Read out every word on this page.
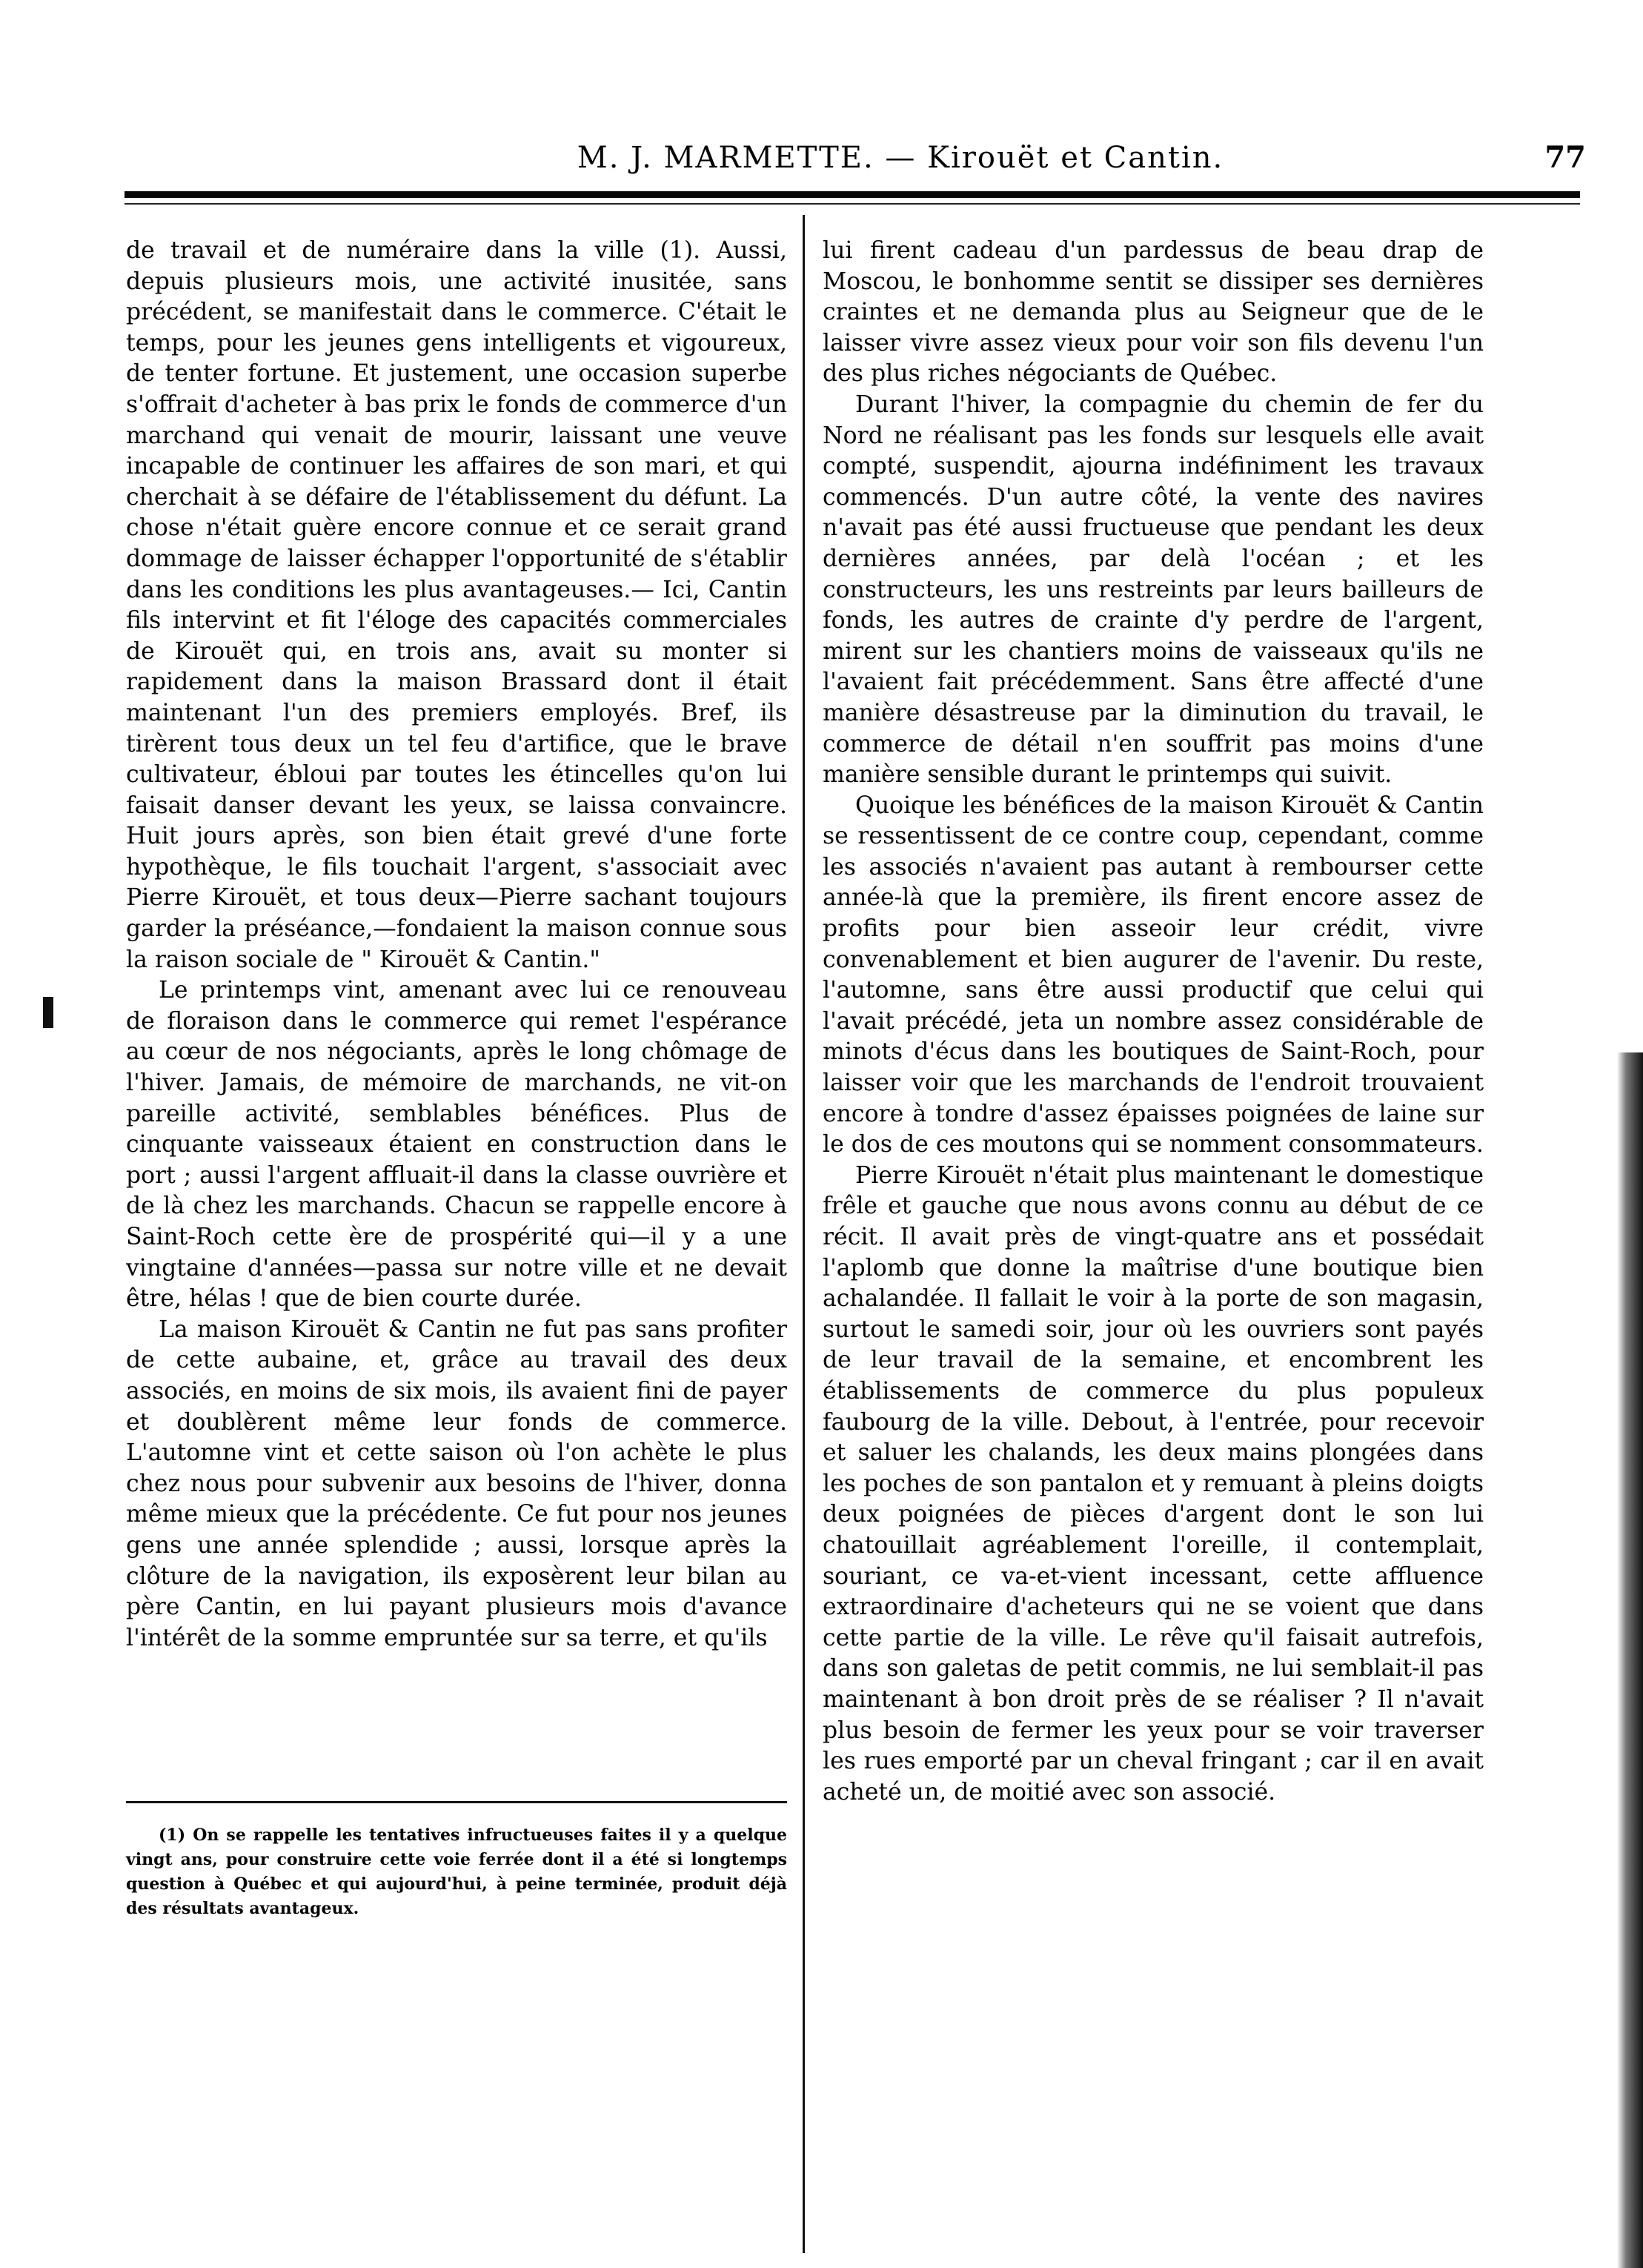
M. J. MARMETTE. — Kirouët et Cantin.	77

de travail et de numéraire dans la ville (1). Aussi, depuis plusieurs mois, une activité inusitée, sans précédent, se manifestait dans le commerce. C'était le temps, pour les jeunes gens intelligents et vigoureux, de tenter fortune. Et justement, une occasion superbe s'offrait d'acheter à bas prix le fonds de commerce d'un marchand qui venait de mourir, laissant une veuve incapable de continuer les affaires de son mari, et qui cherchait à se défaire de l'établissement du défunt. La chose n'était guère encore connue et ce serait grand dommage de laisser échapper l'opportunité de s'établir dans les conditions les plus avantageuses.— Ici, Cantin fils intervint et fit l'éloge des capacités commerciales de Kirouët qui, en trois ans, avait su monter si rapidement dans la maison Brassard dont il était maintenant l'un des premiers employés. Bref, ils tirèrent tous deux un tel feu d'artifice, que le brave cultivateur, ébloui par toutes les étincelles qu'on lui faisait danser devant les yeux, se laissa convaincre. Huit jours après, son bien était grevé d'une forte hypothèque, le fils touchait l'argent, s'associait avec Pierre Kirouët, et tous deux—Pierre sachant toujours garder la préséance,—fondaient la maison connue sous la raison sociale de " Kirouët & Cantin."

Le printemps vint, amenant avec lui ce renouveau de floraison dans le commerce qui remet l'espérance au cœur de nos négociants, après le long chômage de l'hiver. Jamais, de mémoire de marchands, ne vit-on pareille activité, semblables bénéfices. Plus de cinquante vaisseaux étaient en construction dans le port ; aussi l'argent affluait-il dans la classe ouvrière et de là chez les marchands. Chacun se rappelle encore à Saint-Roch cette ère de prospérité qui—il y a une vingtaine d'années—passa sur notre ville et ne devait être, hélas ! que de bien courte durée.

La maison Kirouët & Cantin ne fut pas sans profiter de cette aubaine, et, grâce au travail des deux associés, en moins de six mois, ils avaient fini de payer et doublèrent même leur fonds de commerce. L'automne vint et cette saison où l'on achète le plus chez nous pour subvenir aux besoins de l'hiver, donna même mieux que la précédente. Ce fut pour nos jeunes gens une année splendide ; aussi, lorsque après la clôture de la navigation, ils exposèrent leur bilan au père Cantin, en lui payant plusieurs mois d'avance l'intérêt de la somme empruntée sur sa terre, et qu'ils

lui firent cadeau d'un pardessus de beau drap de Moscou, le bonhomme sentit se dissiper ses dernières craintes et ne demanda plus au Seigneur que de le laisser vivre assez vieux pour voir son fils devenu l'un des plus riches négociants de Québec.

Durant l'hiver, la compagnie du chemin de fer du Nord ne réalisant pas les fonds sur lesquels elle avait compté, suspendit, ajourna indéfiniment les travaux commencés. D'un autre côté, la vente des navires n'avait pas été aussi fructueuse que pendant les deux dernières années, par delà l'océan ; et les constructeurs, les uns restreints par leurs bailleurs de fonds, les autres de crainte d'y perdre de l'argent, mirent sur les chantiers moins de vaisseaux qu'ils ne l'avaient fait précédemment. Sans être affecté d'une manière désastreuse par la diminution du travail, le commerce de détail n'en souffrit pas moins d'une manière sensible durant le printemps qui suivit.

Quoique les bénéfices de la maison Kirouët & Cantin se ressentissent de ce contre coup, cependant, comme les associés n'avaient pas autant à rembourser cette année-là que la première, ils firent encore assez de profits pour bien asseoir leur crédit, vivre convenablement et bien augurer de l'avenir. Du reste, l'automne, sans être aussi productif que celui qui l'avait précédé, jeta un nombre assez considérable de minots d'écus dans les boutiques de Saint-Roch, pour laisser voir que les marchands de l'endroit trouvaient encore à tondre d'assez épaisses poignées de laine sur le dos de ces moutons qui se nomment consommateurs.

Pierre Kirouët n'était plus maintenant le domestique frêle et gauche que nous avons connu au début de ce récit. Il avait près de vingt-quatre ans et possédait l'aplomb que donne la maîtrise d'une boutique bien achalandée. Il fallait le voir à la porte de son magasin, surtout le samedi soir, jour où les ouvriers sont payés de leur travail de la semaine, et encombrent les établissements de commerce du plus populeux faubourg de la ville. Debout, à l'entrée, pour recevoir et saluer les chalands, les deux mains plongées dans les poches de son pantalon et y remuant à pleins doigts deux poignées de pièces d'argent dont le son lui chatouillait agréablement l'oreille, il contemplait, souriant, ce va-et-vient incessant, cette affluence extraordinaire d'acheteurs qui ne se voient que dans cette partie de la ville. Le rêve qu'il faisait autrefois, dans son galetas de petit commis, ne lui semblait-il pas maintenant à bon droit près de se réaliser ? Il n'avait plus besoin de fermer les yeux pour se voir traverser les rues emporté par un cheval fringant ; car il en avait acheté un, de moitié avec son associé.

(1) On se rappelle les tentatives infructueuses faites il y a quelque vingt ans, pour construire cette voie ferrée dont il a été si longtemps question à Québec et qui aujourd'hui, à peine terminée, produit déjà des résultats avantageux.
